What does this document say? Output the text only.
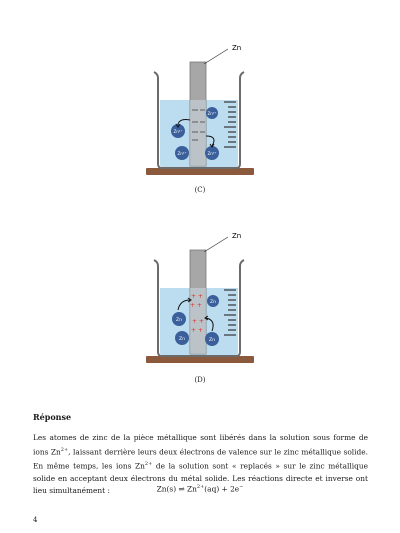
Zn
Zn²⁺
Zn²⁺
Zn²⁺	Zn²⁺
(C)
+ +
+ +
+ +
+ +
Zn
Zn
Zn
Zn	Zn
(D)
Réponse
Les atomes de zinc de la pièce métallique sont libérés dans la solution sous forme de ions $Zn^{2+}$, laissant derrière leurs deux électrons de valence sur le zinc métallique solide. En même temps, les ions $Zn^{2+}$ de la solution sont « replacés » sur le zinc métallique solide en acceptant deux électrons du métal solide. Les réactions directe et inverse ont lieu simultanément :	Zn(s) ⇌ $Zn^{2+}(aq) + 2e^-$
4
